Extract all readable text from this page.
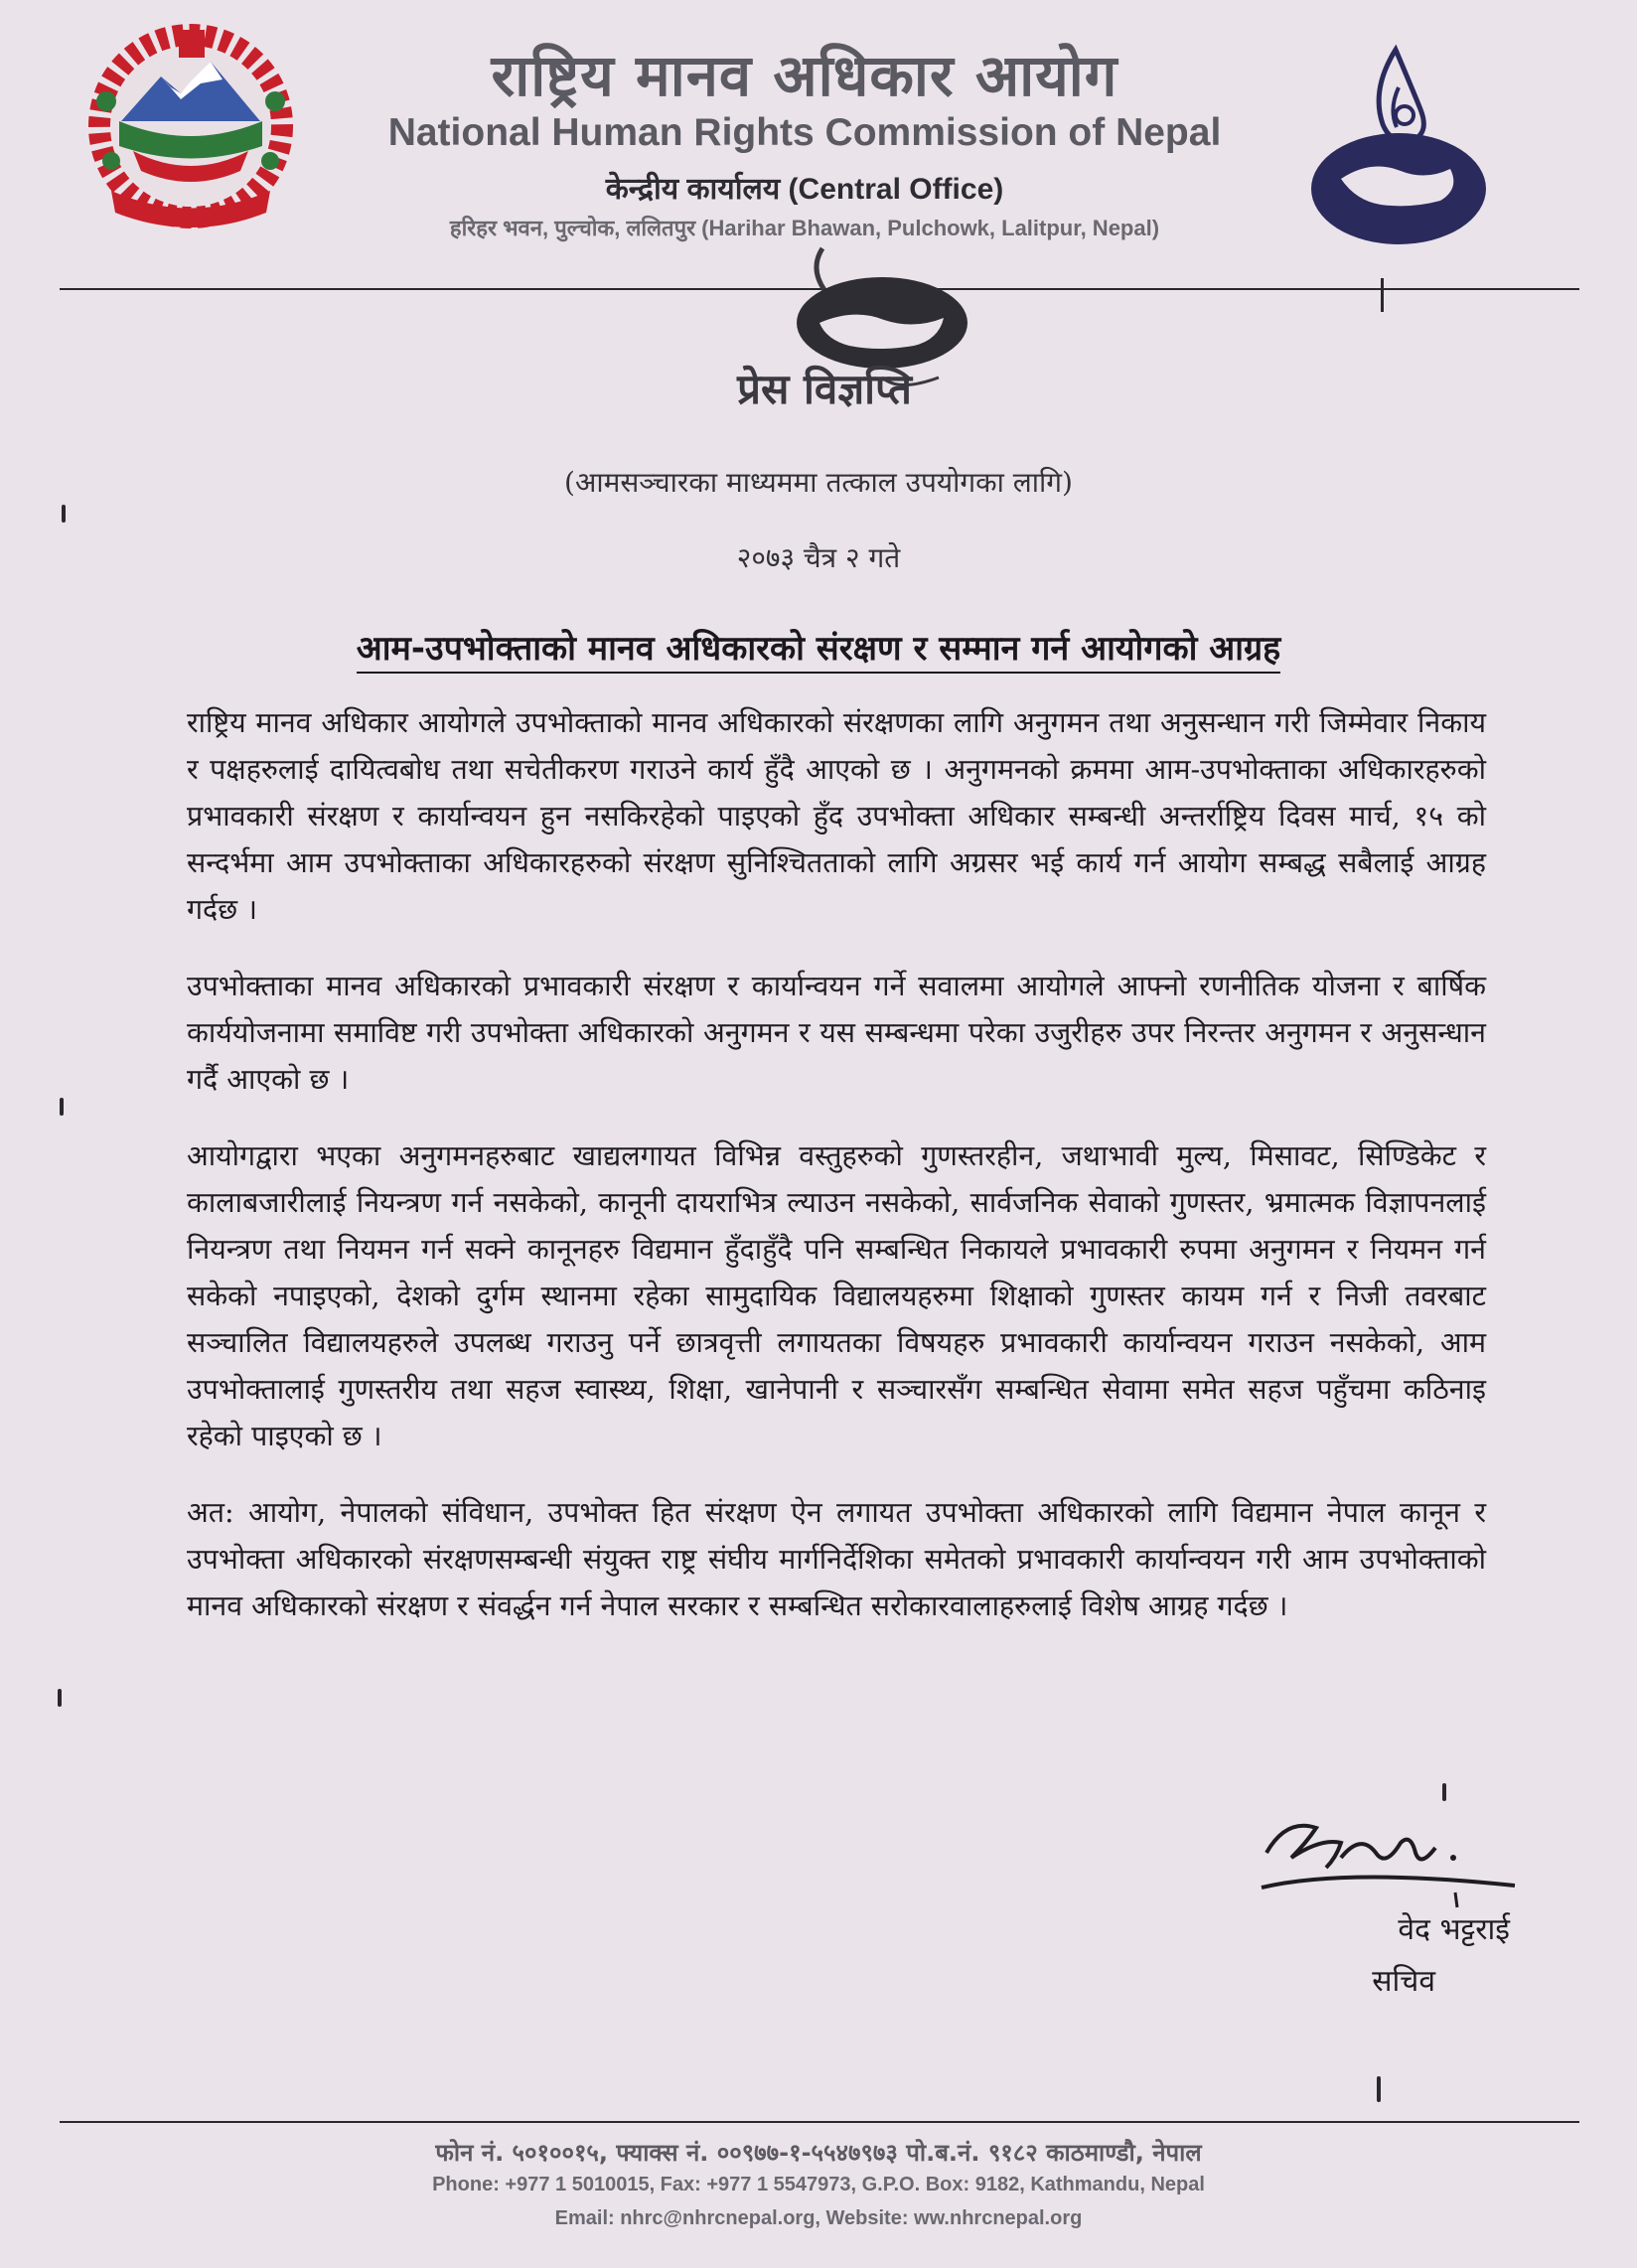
राष्ट्रिय मानव अधिकार आयोग
National Human Rights Commission of Nepal
केन्द्रीय कार्यालय (Central Office)
हरिहर भवन, पुल्चोक, ललितपुर (Harihar Bhawan, Pulchowk, Lalitpur, Nepal)
प्रेस विज्ञप्ति
(आमसञ्चारका माध्यममा तत्काल उपयोगका लागि)
२०७३ चैत्र २ गते
आम-उपभोक्ताको मानव अधिकारको संरक्षण र सम्मान गर्न आयोगको आग्रह

राष्ट्रिय मानव अधिकार आयोगले उपभोक्ताको मानव अधिकारको संरक्षणका लागि अनुगमन तथा अनुसन्धान गरी जिम्मेवार निकाय र पक्षहरुलाई दायित्वबोध तथा सचेतीकरण गराउने कार्य हुँदै आएको छ । अनुगमनको क्रममा आम-उपभोक्ताका अधिकारहरुको प्रभावकारी संरक्षण र कार्यान्वयन हुन नसकिरहेको पाइएको हुँद उपभोक्ता अधिकार सम्बन्धी अन्तर्राष्ट्रिय दिवस मार्च, १५ को सन्दर्भमा आम उपभोक्ताका अधिकारहरुको संरक्षण सुनिश्चितताको लागि अग्रसर भई कार्य गर्न आयोग सम्बद्ध सबैलाई आग्रह गर्दछ ।

उपभोक्ताका मानव अधिकारको प्रभावकारी संरक्षण र कार्यान्वयन गर्ने सवालमा आयोगले आफ्नो रणनीतिक योजना र बार्षिक कार्ययोजनामा समाविष्ट गरी उपभोक्ता अधिकारको अनुगमन र यस सम्बन्धमा परेका उजुरीहरु उपर निरन्तर अनुगमन र अनुसन्धान गर्दै आएको छ ।

आयोगद्वारा भएका अनुगमनहरुबाट खाद्यलगायत विभिन्न वस्तुहरुको गुणस्तरहीन, जथाभावी मुल्य, मिसावट, सिण्डिकेट र कालाबजारीलाई नियन्त्रण गर्न नसकेको, कानूनी दायराभित्र ल्याउन नसकेको, सार्वजनिक सेवाको गुणस्तर, भ्रमात्मक विज्ञापनलाई नियन्त्रण तथा नियमन गर्न सक्ने कानूनहरु विद्यमान हुँदाहुँदै पनि सम्बन्धित निकायले प्रभावकारी रुपमा अनुगमन र नियमन गर्न सकेको नपाइएको, देशको दुर्गम स्थानमा रहेका सामुदायिक विद्यालयहरुमा शिक्षाको गुणस्तर कायम गर्न र निजी तवरबाट सञ्चालित विद्यालयहरुले उपलब्ध गराउनु पर्ने छात्रवृत्ती लगायतका विषयहरु प्रभावकारी कार्यान्वयन गराउन नसकेको, आम उपभोक्तालाई गुणस्तरीय तथा सहज स्वास्थ्य, शिक्षा, खानेपानी र सञ्चारसँग सम्बन्धित सेवामा समेत सहज पहुँचमा कठिनाइ रहेको पाइएको छ ।

अत: आयोग, नेपालको संविधान, उपभोक्त हित संरक्षण ऐन लगायत उपभोक्ता अधिकारको लागि विद्यमान नेपाल कानून र उपभोक्ता अधिकारको संरक्षणसम्बन्धी संयुक्त राष्ट्र संघीय मार्गनिर्देशिका समेतको प्रभावकारी कार्यान्वयन गरी आम उपभोक्ताको मानव अधिकारको संरक्षण र संवर्द्धन गर्न नेपाल सरकार र सम्बन्धित सरोकारवालाहरुलाई विशेष आग्रह गर्दछ ।

वेद भट्टराई
सचिव
फोन नं. ५०१००१५, फ्याक्स नं. ००९७७-१-५५४७९७३ पो.ब.नं. ९१८२ काठमाण्डौ, नेपाल
Phone: +977 1 5010015, Fax: +977 1 5547973, G.P.O. Box: 9182, Kathmandu, Nepal
Email: nhrc@nhrcnepal.org, Website: ww.nhrcnepal.org
